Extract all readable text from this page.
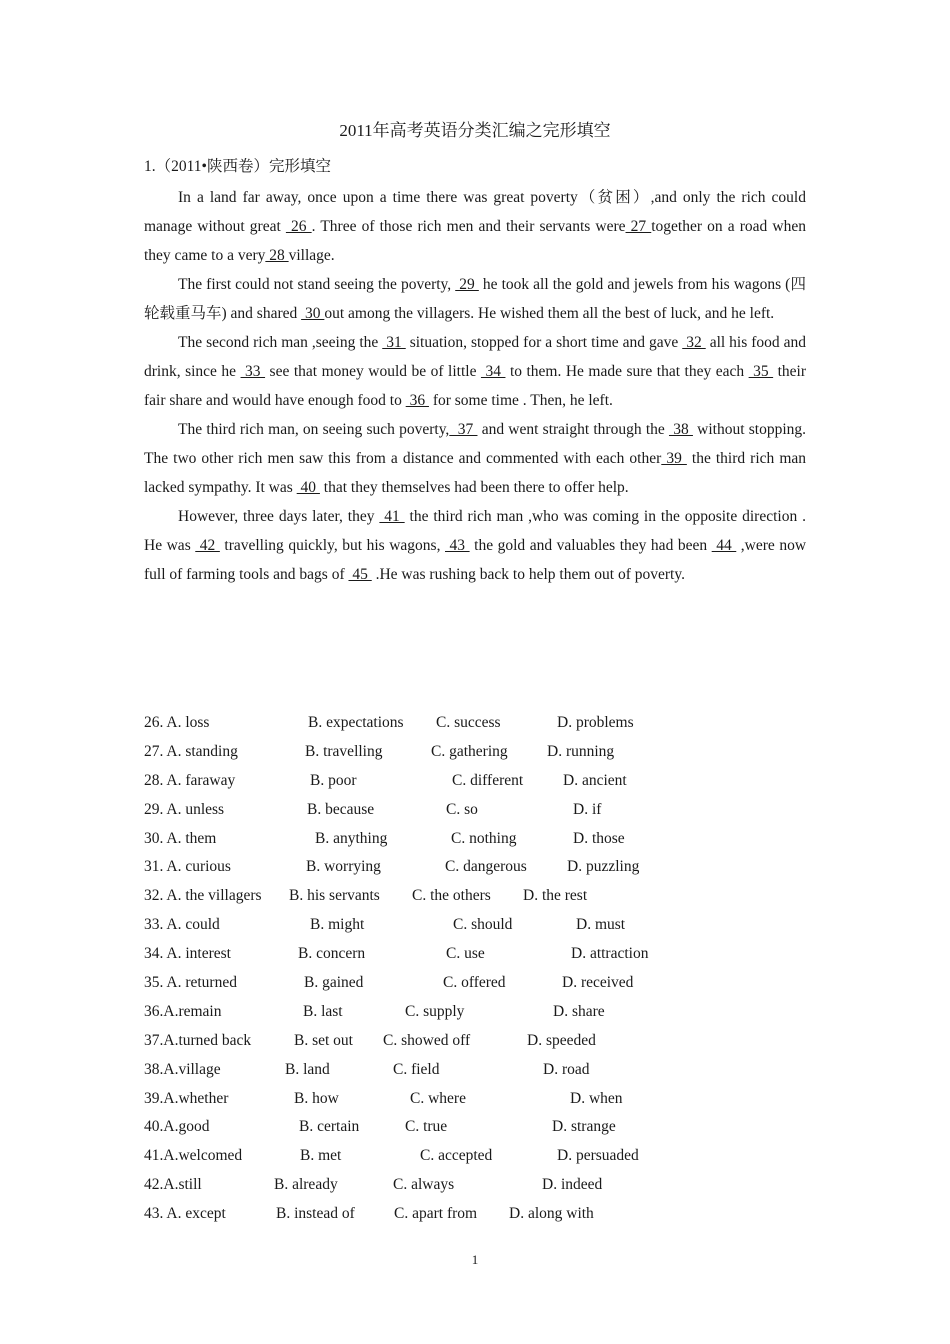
2011年高考英语分类汇编之完形填空
1.（2011•陕西卷）完形填空

In a land far away, once upon a time there was great poverty（贫困）,and only the rich could manage without great  26 . Three of those rich men and their servants were 27 together on a road when they came to a very 28 village.

The first could not stand seeing the poverty,  29  he took all the gold and jewels from his wagons (四轮载重马车) and shared  30 out among the villagers. He wished them all the best of luck, and he left.

The second rich man ,seeing the  31  situation, stopped for a short time and gave  32  all his food and drink, since he  33  see that money would be of little  34  to them. He made sure that they each  35  their fair share and would have enough food to  36  for some time . Then, he left.

The third rich man, on seeing such poverty,  37  and went straight through the  38  without stopping. The two other rich men saw this from a distance and commented with each other 39  the third rich man lacked sympathy. It was  40  that they themselves had been there to offer help.

However, three days later, they  41  the third rich man ,who was coming in the opposite direction . He was  42  travelling quickly, but his wagons,  43  the gold and valuables they had been  44  ,were now full of farming tools and bags of  45  .He was rushing back to help them out of poverty.

26. A. loss	B. expectations C. success	D. problems
27. A. standing	B. travelling	C. gathering	D. running
28. A. faraway	B. poor	C. different	D. ancient
29. A. unless	B. because	C. so	D. if
30. A. them	B. anything	C. nothing	D. those
31. A. curious	B. worrying	C. dangerous	D. puzzling
32. A. the villagers B. his servants C. the others D. the rest
33. A. could	B. might	C. should	D. must
34. A. interest	B. concern	C. use	D. attraction
35. A. returned	B. gained	C. offered	D. received
36.A.remain	B. last	C. supply	D. share
37.A.turned back	B. set out C. showed off	D. speeded
38.A.village	B. land	C. field	D. road
39.A.whether	B. how	C. where	D. when
40.A.good	B. certain	C. true	D. strange
41.A.welcomed	B. met	C. accepted	D. persuaded
42.A.still	B. already	C. always	D. indeed
43. A. except	B. instead of	C. apart from D. along with
1
